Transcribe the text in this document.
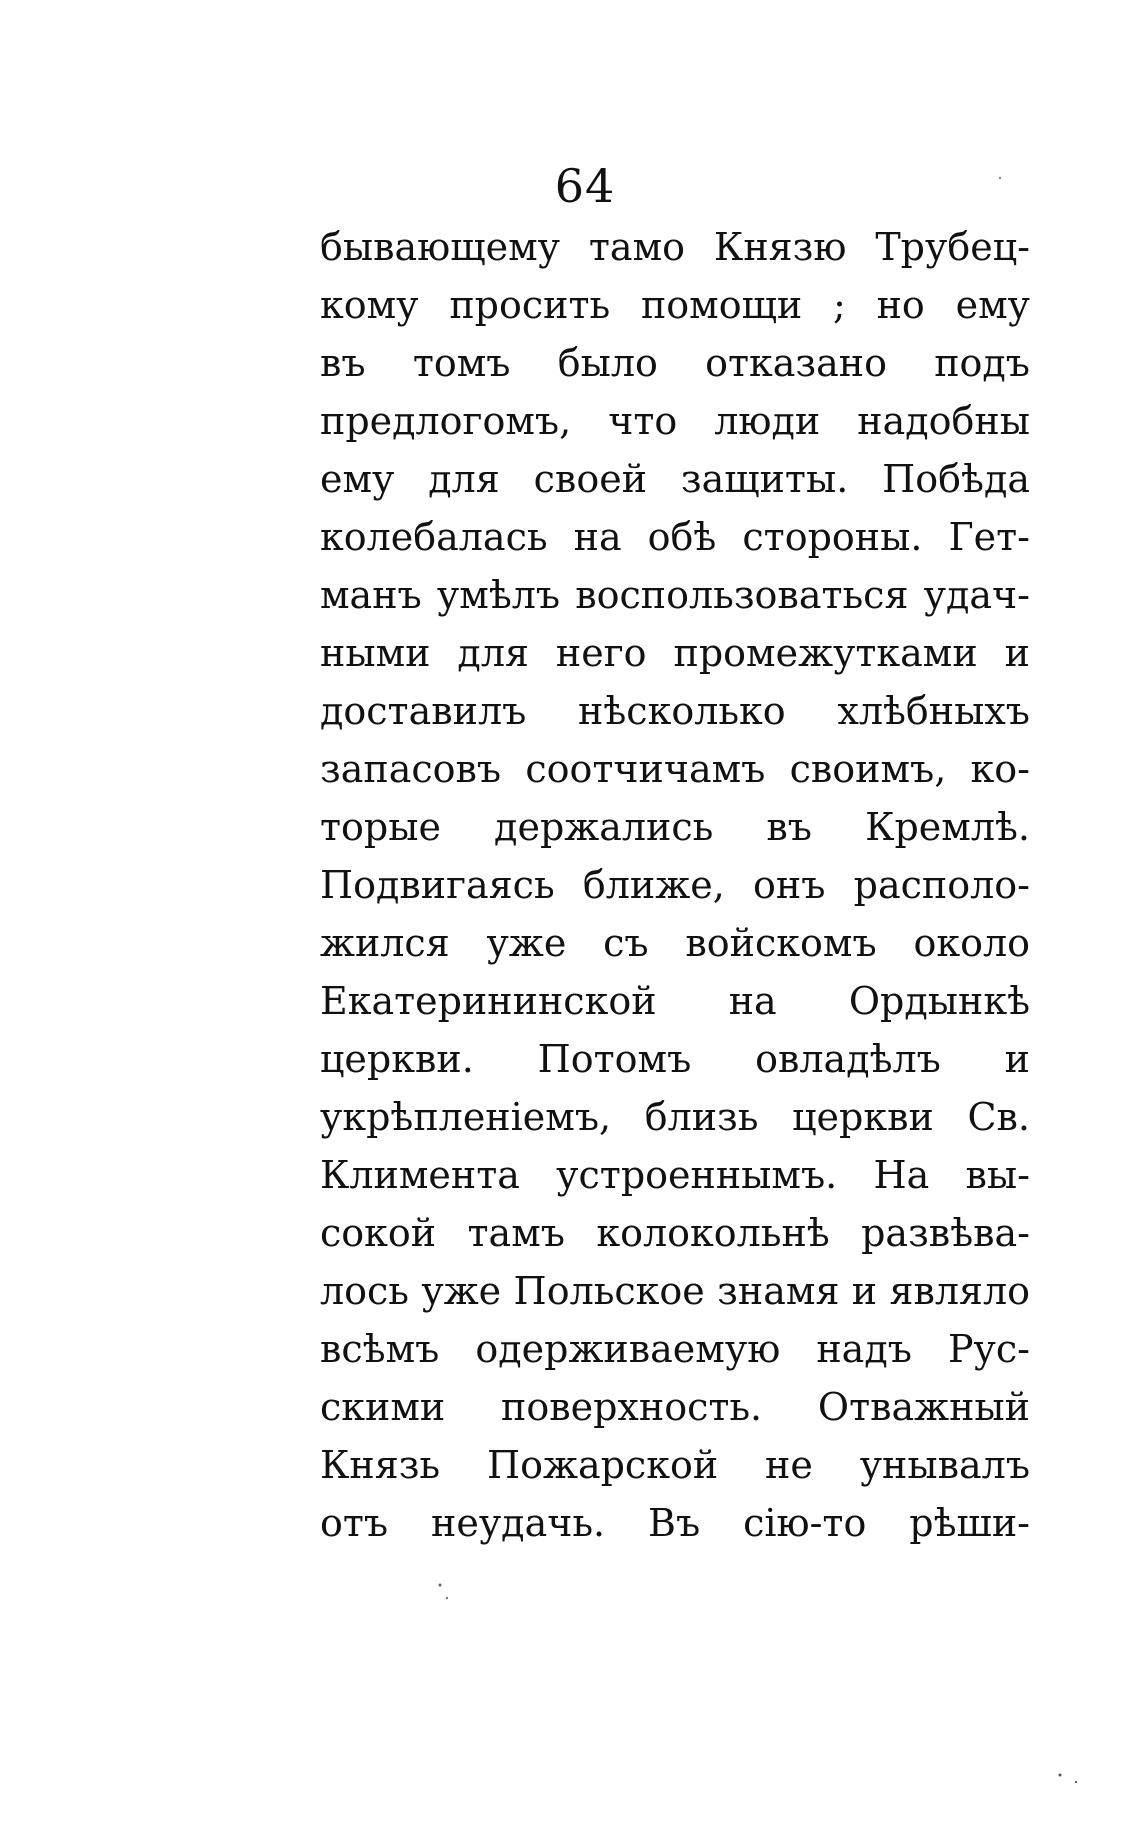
64
бывающему тамо Князю Трубец-
кому просить помощи ; но ему
въ томъ было отказано подъ
предлогомъ, что люди надобны
ему для своей защиты. Побѣда
колебалась на обѣ стороны. Гет-
манъ умѣлъ воспользоваться удач-
ными для него промежутками и
доставилъ нѣсколько хлѣбныхъ
запасовъ соотчичамъ своимъ, ко-
торые держались въ Кремлѣ.
Подвигаясь ближе, онъ располо-
жился уже съ войскомъ около
Екатерининской на Ордынкѣ
церкви. Потомъ овладѣлъ и
укрѣпленіемъ, близь церкви Св.
Климента устроеннымъ. На вы-
сокой тамъ колокольнѣ развѣва-
лось уже Польское знамя и являло
всѣмъ одерживаемую надъ Рус-
скими поверхность. Отважный
Князь Пожарской не унывалъ
отъ неудачь. Въ сію-то рѣши-
